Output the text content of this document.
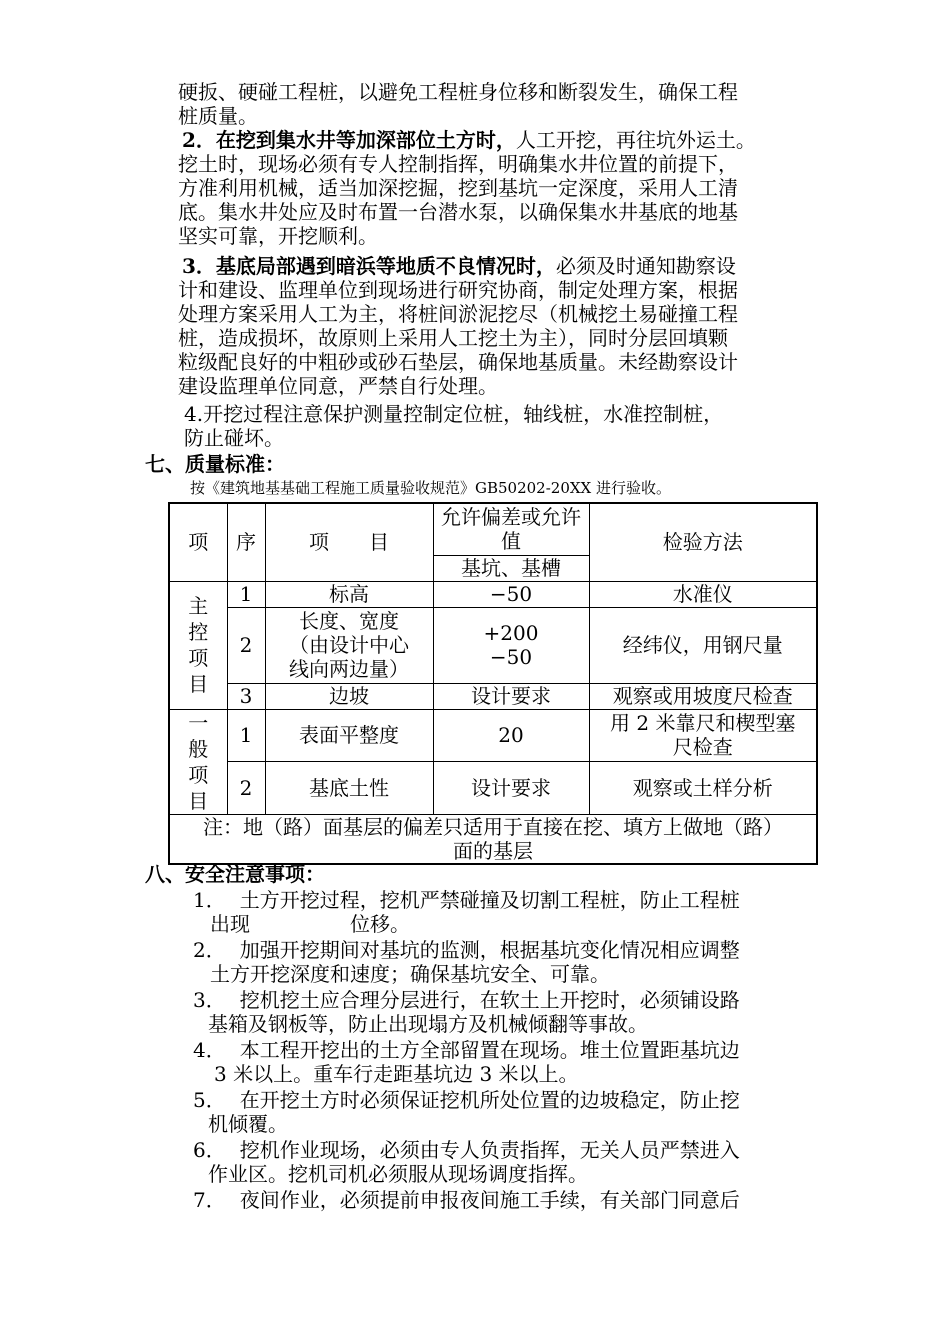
硬扳、硬碰工程桩，以避免工程桩身位移和断裂发生，确保工程
桩质量。
2．在挖到集水井等加深部位土方时，人工开挖，再往坑外运土。
挖土时，现场必须有专人控制指挥，明确集水井位置的前提下，
方准利用机械，适当加深挖掘，挖到基坑一定深度，采用人工清
底。集水井处应及时布置一台潜水泵，以确保集水井基底的地基
坚实可靠，开挖顺利。
3．基底局部遇到暗浜等地质不良情况时，必须及时通知勘察设
计和建设、监理单位到现场进行研究协商，制定处理方案，根据
处理方案采用人工为主，将桩间淤泥挖尽（机械挖土易碰撞工程
桩，造成损坏，故原则上采用人工挖土为主），同时分层回填颗
粒级配良好的中粗砂或砂石垫层，确保地基质量。未经勘察设计
建设监理单位同意，严禁自行处理。
4.开挖过程注意保护测量控制定位桩，轴线桩，水准控制桩，
防止碰坏。
七、质量标准：
按《建筑地基基础工程施工质量验收规范》GB50202-20XX 进行验收。
项	序	项　　目	允许偏差或允许值	检验方法
			基坑、基槽	
主控项目	1	标高	−50	水准仪
	2	长度、宽度（由设计中心线向两边量）	+200 −50	经纬仪，用钢尺量
	3	边坡	设计要求	观察或用坡度尺检查
一般项目	1	表面平整度	20	用 2 米靠尺和楔型塞尺检查
	2	基底土性	设计要求	观察或土样分析
注：地（路）面基层的偏差只适用于直接在挖、填方上做地（路）面的基层				
八、安全注意事项：
1． 土方开挖过程，挖机严禁碰撞及切割工程桩，防止工程桩
出现　　　　　位移。
2． 加强开挖期间对基坑的监测，根据基坑变化情况相应调整
土方开挖深度和速度；确保基坑安全、可靠。
3． 挖机挖土应合理分层进行，在软土上开挖时，必须铺设路
基箱及钢板等，防止出现塌方及机械倾翻等事故。
4． 本工程开挖出的土方全部留置在现场。堆土位置距基坑边
3 米以上。重车行走距基坑边 3 米以上。
5． 在开挖土方时必须保证挖机所处位置的边坡稳定，防止挖
机倾覆。
6． 挖机作业现场，必须由专人负责指挥，无关人员严禁进入
作业区。挖机司机必须服从现场调度指挥。
7． 夜间作业，必须提前申报夜间施工手续，有关部门同意后
